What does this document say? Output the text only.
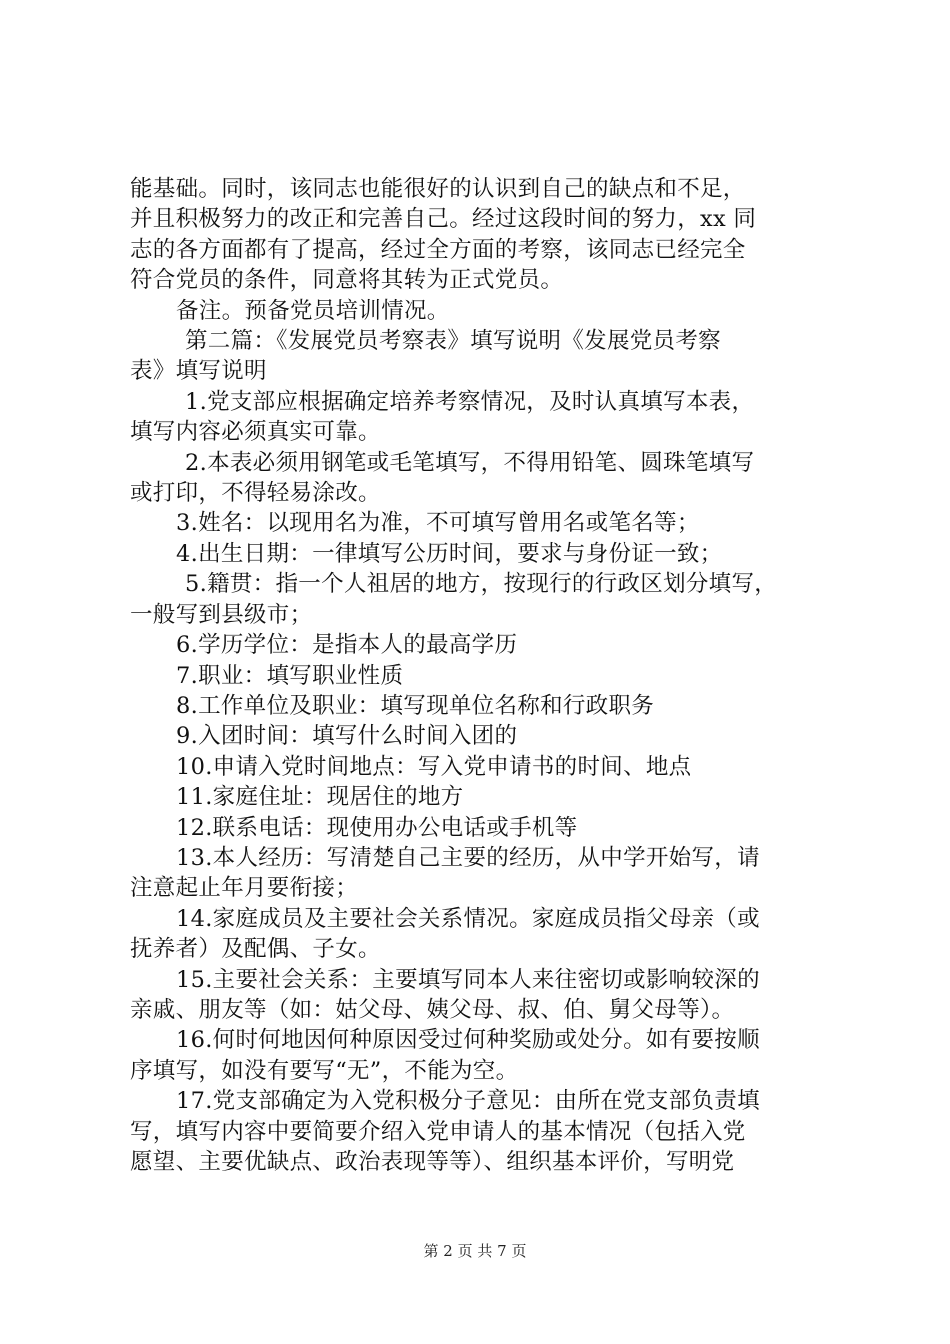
能基础。同时，该同志也能很好的认识到自己的缺点和不足，

并且积极努力的改正和完善自己。经过这段时间的努力，xx 同

志的各方面都有了提高，经过全方面的考察，该同志已经完全

符合党员的条件，同意将其转为正式党员。

备注。预备党员培训情况。

第二篇：《发展党员考察表》填写说明《发展党员考察

表》填写说明

1.党支部应根据确定培养考察情况，及时认真填写本表，

填写内容必须真实可靠。

2.本表必须用钢笔或毛笔填写，不得用铅笔、圆珠笔填写

或打印，不得轻易涂改。

3.姓名：以现用名为准，不可填写曾用名或笔名等；

4.出生日期：一律填写公历时间，要求与身份证一致；

5.籍贯：指一个人祖居的地方，按现行的行政区划分填写，

一般写到县级市；

6.学历学位：是指本人的最高学历

7.职业：填写职业性质

8.工作单位及职业：填写现单位名称和行政职务

9.入团时间：填写什么时间入团的

10.申请入党时间地点：写入党申请书的时间、地点

11.家庭住址：现居住的地方

12.联系电话：现使用办公电话或手机等

13.本人经历：写清楚自己主要的经历，从中学开始写，请

注意起止年月要衔接；

14.家庭成员及主要社会关系情况。家庭成员指父母亲（或

抚养者）及配偶、子女。

15.主要社会关系：主要填写同本人来往密切或影响较深的

亲戚、朋友等（如：姑父母、姨父母、叔、伯、舅父母等）。

16.何时何地因何种原因受过何种奖励或处分。如有要按顺

序填写，如没有要写“无”，不能为空。

17.党支部确定为入党积极分子意见：由所在党支部负责填

写，填写内容中要简要介绍入党申请人的基本情况（包括入党

愿望、主要优缺点、政治表现等等）、组织基本评价，写明党

第 2 页 共 7 页
